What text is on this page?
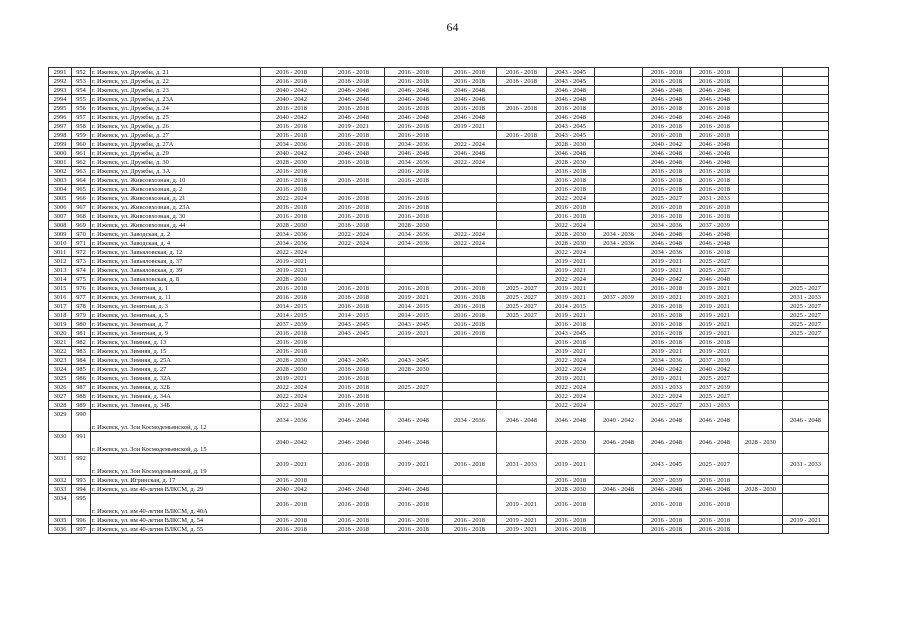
64
2991	952	г. Ижевск, ул. Дружбы, д. 21	2016 - 2018	2016 - 2018	2016 - 2018	2016 - 2018	2016 - 2018	2043 - 2045		2016 - 2018	2016 - 2018		
2992	953	г. Ижевск, ул. Дружбы, д. 22	2016 - 2018	2016 - 2018	2016 - 2018	2016 - 2018	2016 - 2018	2043 - 2045		2016 - 2018	2016 - 2018		
2993	954	г. Ижевск, ул. Дружбы, д. 23	2040 - 2042	2046 - 2048	2046 - 2048	2046 - 2048		2046 - 2048		2046 - 2048	2046 - 2048		
2994	955	г. Ижевск, ул. Дружбы, д. 23А	2040 - 2042	2046 - 2048	2046 - 2048	2046 - 2048		2046 - 2048		2046 - 2048	2046 - 2048		
2995	956	г. Ижевск, ул. Дружбы, д. 24	2016 - 2018	2016 - 2018	2016 - 2018	2016 - 2018	2016 - 2018	2016 - 2018		2016 - 2018	2016 - 2018		
2996	957	г. Ижевск, ул. Дружбы, д. 25	2040 - 2042	2046 - 2048	2046 - 2048	2046 - 2048		2046 - 2048		2046 - 2048	2046 - 2048		
2997	958	г. Ижевск, ул. Дружбы, д. 26	2016 - 2018	2019 - 2021	2016 - 2018	2019 - 2021		2043 - 2045		2016 - 2018	2016 - 2018		
2998	959	г. Ижевск, ул. Дружбы, д. 27	2016 - 2018	2016 - 2018	2016 - 2018		2016 - 2018	2043 - 2045		2016 - 2018	2016 - 2018		
2999	960	г. Ижевск, ул. Дружбы, д. 27А	2034 - 2036	2016 - 2018	2034 - 2036	2022 - 2024		2028 - 2030		2040 - 2042	2046 - 2048		
3000	961	г. Ижевск, ул. Дружбы, д. 29	2040 - 2042	2046 - 2048	2046 - 2048	2046 - 2048		2046 - 2048		2046 - 2048	2046 - 2048		
3001	962	г. Ижевск, ул. Дружбы, д. 30	2028 - 2030	2016 - 2018	2034 - 2036	2022 - 2024		2028 - 2030		2046 - 2048	2046 - 2048		
3002	963	г. Ижевск, ул. Дружбы, д. 3А	2016 - 2018		2016 - 2018			2016 - 2018		2016 - 2018	2016 - 2018		
3003	964	г. Ижевск, ул. Живсовхозная, д. 10	2016 - 2018	2016 - 2018	2016 - 2018			2016 - 2018		2016 - 2018	2016 - 2018		
3004	965	г. Ижевск, ул. Живсовхозная, д. 2	2016 - 2018					2016 - 2018		2016 - 2018	2016 - 2018		
3005	966	г. Ижевск, ул. Живсовхозная, д. 21	2022 - 2024	2016 - 2018	2016 - 2018			2022 - 2024		2025 - 2027	2031 - 2033		
3006	967	г. Ижевск, ул. Живсовхозная, д. 23А	2016 - 2018	2016 - 2018	2016 - 2018			2016 - 2018		2016 - 2018	2016 - 2018		
3007	968	г. Ижевск, ул. Живсовхозная, д. 30	2016 - 2018	2016 - 2018	2016 - 2018			2016 - 2018		2016 - 2018	2016 - 2018		
3008	969	г. Ижевск, ул. Живсовхозная, д. 44	2028 - 2030	2016 - 2018	2028 - 2030			2022 - 2024		2034 - 2036	2037 - 2039		
3009	970	г. Ижевск, ул. Заводская, д. 2	2034 - 2036	2022 - 2024	2034 - 2036	2022 - 2024		2028 - 2030	2034 - 2036	2046 - 2048	2046 - 2048		
3010	971	г. Ижевск, ул. Заводская, д. 4	2034 - 2036	2022 - 2024	2034 - 2036	2022 - 2024		2028 - 2030	2034 - 2036	2046 - 2048	2046 - 2048		
3011	972	г. Ижевск, ул. Завьяловская, д. 12	2022 - 2024					2022 - 2024		2034 - 2036	2016 - 2018		
3012	973	г. Ижевск, ул. Завьяловская, д. 37	2019 - 2021					2019 - 2021		2019 - 2021	2025 - 2027		
3013	974	г. Ижевск, ул. Завьяловская, д. 39	2019 - 2021					2019 - 2021		2019 - 2021	2025 - 2027		
3014	975	г. Ижевск, ул. Завьяловская, д. 8	2028 - 2030					2022 - 2024		2040 - 2042	2046 - 2048		
3015	976	г. Ижевск, ул. Зенитная, д. 1	2016 - 2018	2016 - 2018	2016 - 2018	2016 - 2018	2025 - 2027	2019 - 2021		2016 - 2018	2019 - 2021		2025 - 2027
3016	977	г. Ижевск, ул. Зенитная, д. 11	2016 - 2018	2016 - 2018	2019 - 2021	2016 - 2018	2025 - 2027	2019 - 2021	2037 - 2039	2019 - 2021	2019 - 2021		2031 - 2033
3017	978	г. Ижевск, ул. Зенитная, д. 3	2014 - 2015	2016 - 2018	2014 - 2015	2016 - 2018	2025 - 2027	2014 - 2015		2016 - 2018	2019 - 2021		2025 - 2027
3018	979	г. Ижевск, ул. Зенитная, д. 5	2014 - 2015	2014 - 2015	2014 - 2015	2016 - 2018	2025 - 2027	2019 - 2021		2016 - 2018	2019 - 2021		2025 - 2027
3019	980	г. Ижевск, ул. Зенитная, д. 7	2037 - 2039	2043 - 2045	2043 - 2045	2016 - 2018		2016 - 2018		2016 - 2018	2019 - 2021		2025 - 2027
3020	981	г. Ижевск, ул. Зенитная, д. 9	2016 - 2018	2043 - 2045	2019 - 2021	2016 - 2018		2043 - 2045		2016 - 2018	2019 - 2021		2025 - 2027
3021	982	г. Ижевск, ул. Зимняя, д. 13	2016 - 2018					2016 - 2018		2016 - 2018	2016 - 2018		
3022	983	г. Ижевск, ул. Зимняя, д. 15	2016 - 2018					2019 - 2021		2019 - 2021	2019 - 2021		
3023	984	г. Ижевск, ул. Зимняя, д. 25А	2028 - 2030	2043 - 2045	2043 - 2045			2022 - 2024		2034 - 2036	2037 - 2039		
3024	985	г. Ижевск, ул. Зимняя, д. 27	2028 - 2030	2016 - 2018	2028 - 2030			2022 - 2024		2040 - 2042	2040 - 2042		
3025	986	г. Ижевск, ул. Зимняя, д. 32А	2019 - 2021	2016 - 2018				2019 - 2021		2019 - 2021	2025 - 2027		
3026	987	г. Ижевск, ул. Зимняя, д. 32Б	2022 - 2024	2016 - 2018	2025 - 2027			2022 - 2024		2031 - 2033	2037 - 2039		
3027	988	г. Ижевск, ул. Зимняя, д. 34А	2022 - 2024	2016 - 2018				2022 - 2024		2022 - 2024	2025 - 2027		
3028	989	г. Ижевск, ул. Зимняя, д. 34Б	2022 - 2024	2016 - 2018				2022 - 2024		2025 - 2027	2031 - 2033		
3029	990	г. Ижевск, ул. Зои Космодемьянской, д. 12	2034 - 2036	2046 - 2048	2046 - 2048	2034 - 2036	2046 - 2048	2046 - 2048	2040 - 2042	2046 - 2048	2046 - 2048		2046 - 2048
3030	991	г. Ижевск, ул. Зои Космодемьянской, д. 15	2040 - 2042	2046 - 2048	2046 - 2048			2028 - 2030	2046 - 2048	2046 - 2048	2046 - 2048	2028 - 2030	
3031	992	г. Ижевск, ул. Зои Космодемьянской, д. 19	2019 - 2021	2016 - 2018	2019 - 2021	2016 - 2018	2031 - 2033	2019 - 2021		2043 - 2045	2025 - 2027		2031 - 2033
3032	993	г. Ижевск, ул. Игринская, д. 17	2016 - 2018					2016 - 2018		2037 - 2039	2016 - 2018		
3033	994	г. Ижевск, ул. им 40-летия ВЛКСМ, д. 29	2040 - 2042	2046 - 2048	2046 - 2048			2028 - 2030	2046 - 2048	2046 - 2048	2046 - 2048	2028 - 2030	
3034	995	г. Ижевск, ул. им 40-летия ВЛКСМ, д. 40А	2016 - 2018	2016 - 2018	2016 - 2018		2019 - 2021	2016 - 2018		2016 - 2018	2016 - 2018		
3035	996	г. Ижевск, ул. им 40-летия ВЛКСМ, д. 54	2016 - 2018	2016 - 2018	2016 - 2018	2016 - 2018	2019 - 2021	2016 - 2018		2016 - 2018	2016 - 2018		2019 - 2021
3036	997	г. Ижевск, ул. им 40-летия ВЛКСМ, д. 55	2016 - 2018	2016 - 2018	2016 - 2018	2016 - 2018	2019 - 2021	2016 - 2018		2016 - 2018	2016 - 2018		
